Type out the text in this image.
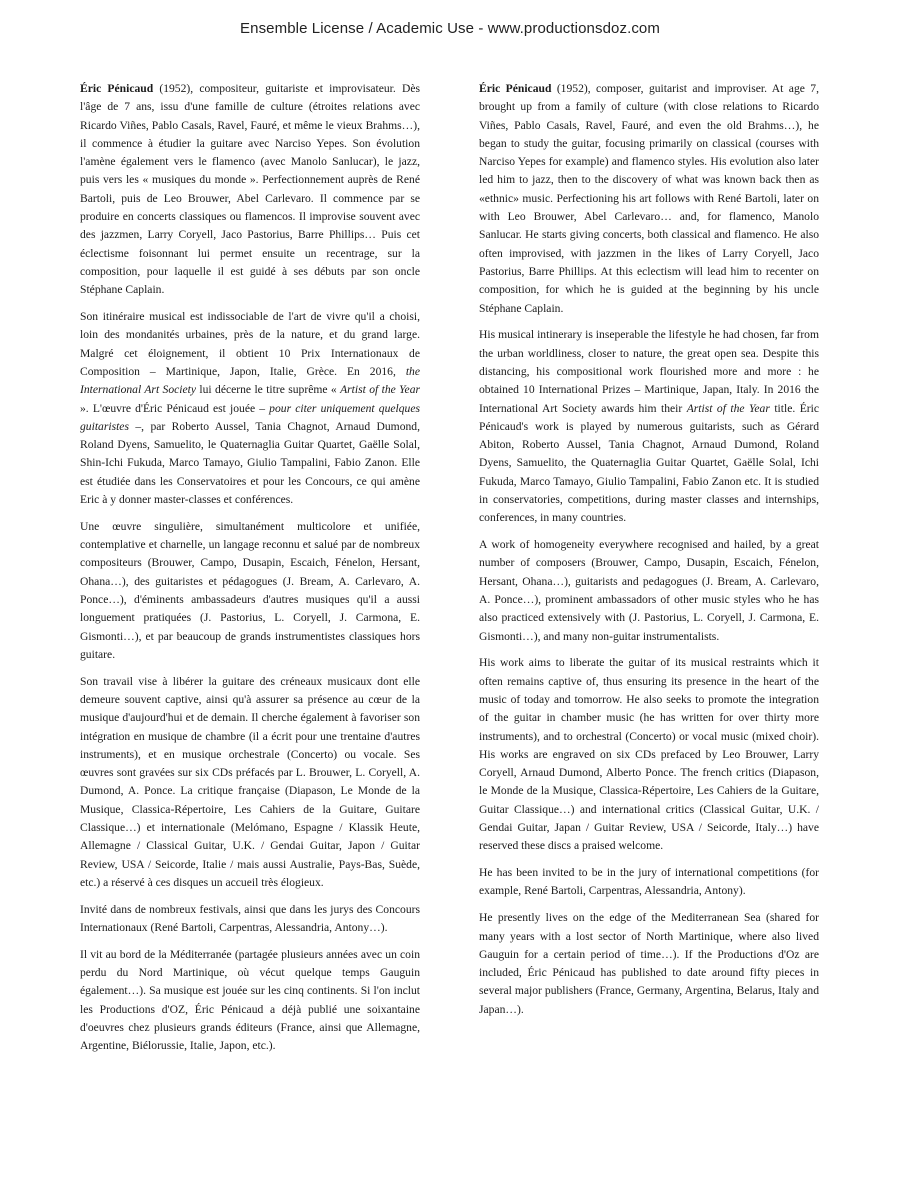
Ensemble License / Academic Use - www.productionsdoz.com

Éric Pénicaud (1952), compositeur, guitariste et improvisateur. Dès l'âge de 7 ans, issu d'une famille de culture (étroites relations avec Ricardo Viñes, Pablo Casals, Ravel, Fauré, et même le vieux Brahms…), il commence à étudier la guitare avec Narciso Yepes. Son évolution l'amène également vers le flamenco (avec Manolo Sanlucar), le jazz, puis vers les « musiques du monde ». Perfectionnement auprès de René Bartoli, puis de Leo Brouwer, Abel Carlevaro. Il commence par se produire en concerts classiques ou flamencos. Il improvise souvent avec des jazzmen, Larry Coryell, Jaco Pastorius, Barre Phillips… Puis cet éclectisme foisonnant lui permet ensuite un recentrage, sur la composition, pour laquelle il est guidé à ses débuts par son oncle Stéphane Caplain.

Son itinéraire musical est indissociable de l'art de vivre qu'il a choisi, loin des mondanités urbaines, près de la nature, et du grand large. Malgré cet éloignement, il obtient 10 Prix Internationaux de Composition – Martinique, Japon, Italie, Grèce. En 2016, the International Art Society lui décerne le titre suprême « Artist of the Year ». L'œuvre d'Éric Pénicaud est jouée – pour citer uniquement quelques guitaristes –, par Roberto Aussel, Tania Chagnot, Arnaud Dumond, Roland Dyens, Samuelito, le Quaternaglia Guitar Quartet, Gaëlle Solal, Shin-Ichi Fukuda, Marco Tamayo, Giulio Tampalini, Fabio Zanon. Elle est étudiée dans les Conservatoires et pour les Concours, ce qui amène Eric à y donner master-classes et conférences.

Une œuvre singulière, simultanément multicolore et unifiée, contemplative et charnelle, un langage reconnu et salué par de nombreux compositeurs (Brouwer, Campo, Dusapin, Escaich, Fénelon, Hersant, Ohana…), des guitaristes et pédagogues (J. Bream, A. Carlevaro, A. Ponce…), d'éminents ambassadeurs d'autres musiques qu'il a aussi longuement pratiquées (J. Pastorius, L. Coryell, J. Carmona, E. Gismonti…), et par beaucoup de grands instrumentistes classiques hors guitare.

Son travail vise à libérer la guitare des créneaux musicaux dont elle demeure souvent captive, ainsi qu'à assurer sa présence au cœur de la musique d'aujourd'hui et de demain. Il cherche également à favoriser son intégration en musique de chambre (il a écrit pour une trentaine d'autres instruments), et en musique orchestrale (Concerto) ou vocale. Ses œuvres sont gravées sur six CDs préfacés par L. Brouwer, L. Coryell, A. Dumond, A. Ponce. La critique française (Diapason, Le Monde de la Musique, Classica-Répertoire, Les Cahiers de la Guitare, Guitare Classique…) et internationale (Melómano, Espagne / Klassik Heute, Allemagne / Classical Guitar, U.K. / Gendai Guitar, Japon / Guitar Review, USA / Seicorde, Italie / mais aussi Australie, Pays-Bas, Suède, etc.) a réservé à ces disques un accueil très élogieux.

Invité dans de nombreux festivals, ainsi que dans les jurys des Concours Internationaux (René Bartoli, Carpentras, Alessandria, Antony…).

Il vit au bord de la Méditerranée (partagée plusieurs années avec un coin perdu du Nord Martinique, où vécut quelque temps Gauguin également…). Sa musique est jouée sur les cinq continents. Si l'on inclut les Productions d'OZ, Éric Pénicaud a déjà publié une soixantaine d'oeuvres chez plusieurs grands éditeurs (France, ainsi que Allemagne, Argentine, Biélorussie, Italie, Japon, etc.).

Éric Pénicaud (1952), composer, guitarist and improviser. At age 7, brought up from a family of culture (with close relations to Ricardo Viñes, Pablo Casals, Ravel, Fauré, and even the old Brahms…), he began to study the guitar, focusing primarily on classical (courses with Narciso Yepes for example) and flamenco styles. His evolution also later led him to jazz, then to the discovery of what was known back then as «ethnic» music. Perfectioning his art follows with René Bartoli, later on with Leo Brouwer, Abel Carlevaro… and, for flamenco, Manolo Sanlucar. He starts giving concerts, both classical and flamenco. He also often improvised, with jazzmen in the likes of Larry Coryell, Jaco Pastorius, Barre Phillips. At this eclectism will lead him to recenter on composition, for which he is guided at the beginning by his uncle Stéphane Caplain.

His musical intinerary is inseperable the lifestyle he had chosen, far from the urban worldliness, closer to nature, the great open sea. Despite this distancing, his compositional work flourished more and more : he obtained 10 International Prizes – Martinique, Japan, Italy. In 2016 the International Art Society awards him their Artist of the Year title. Éric Pénicaud's work is played by numerous guitarists, such as Gérard Abiton, Roberto Aussel, Tania Chagnot, Arnaud Dumond, Roland Dyens, Samuelito, the Quaternaglia Guitar Quartet, Gaëlle Solal, Ichi Fukuda, Marco Tamayo, Giulio Tampalini, Fabio Zanon etc. It is studied in conservatories, competitions, during master classes and internships, conferences, in many countries.

A work of homogeneity everywhere recognised and hailed, by a great number of composers (Brouwer, Campo, Dusapin, Escaich, Fénelon, Hersant, Ohana…), guitarists and pedagogues (J. Bream, A. Carlevaro, A. Ponce…), prominent ambassadors of other music styles who he has also practiced extensively with (J. Pastorius, L. Coryell, J. Carmona, E. Gismonti…), and many non-guitar instrumentalists.

His work aims to liberate the guitar of its musical restraints which it often remains captive of, thus ensuring its presence in the heart of the music of today and tomorrow. He also seeks to promote the integration of the guitar in chamber music (he has written for over thirty more instruments), and to orchestral (Concerto) or vocal music (mixed choir). His works are engraved on six CDs prefaced by Leo Brouwer, Larry Coryell, Arnaud Dumond, Alberto Ponce. The french critics (Diapason, le Monde de la Musique, Classica-Répertoire, Les Cahiers de la Guitare, Guitar Classique…) and international critics (Classical Guitar, U.K. / Gendai Guitar, Japan / Guitar Review, USA / Seicorde, Italy…) have reserved these discs a praised welcome.

He has been invited to be in the jury of international competitions (for example, René Bartoli, Carpentras, Alessandria, Antony).

He presently lives on the edge of the Mediterranean Sea (shared for many years with a lost sector of North Martinique, where also lived Gauguin for a certain period of time…). If the Productions d'Oz are included, Éric Pénicaud has published to date around fifty pieces in several major publishers (France, Germany, Argentina, Belarus, Italy and Japan…).
